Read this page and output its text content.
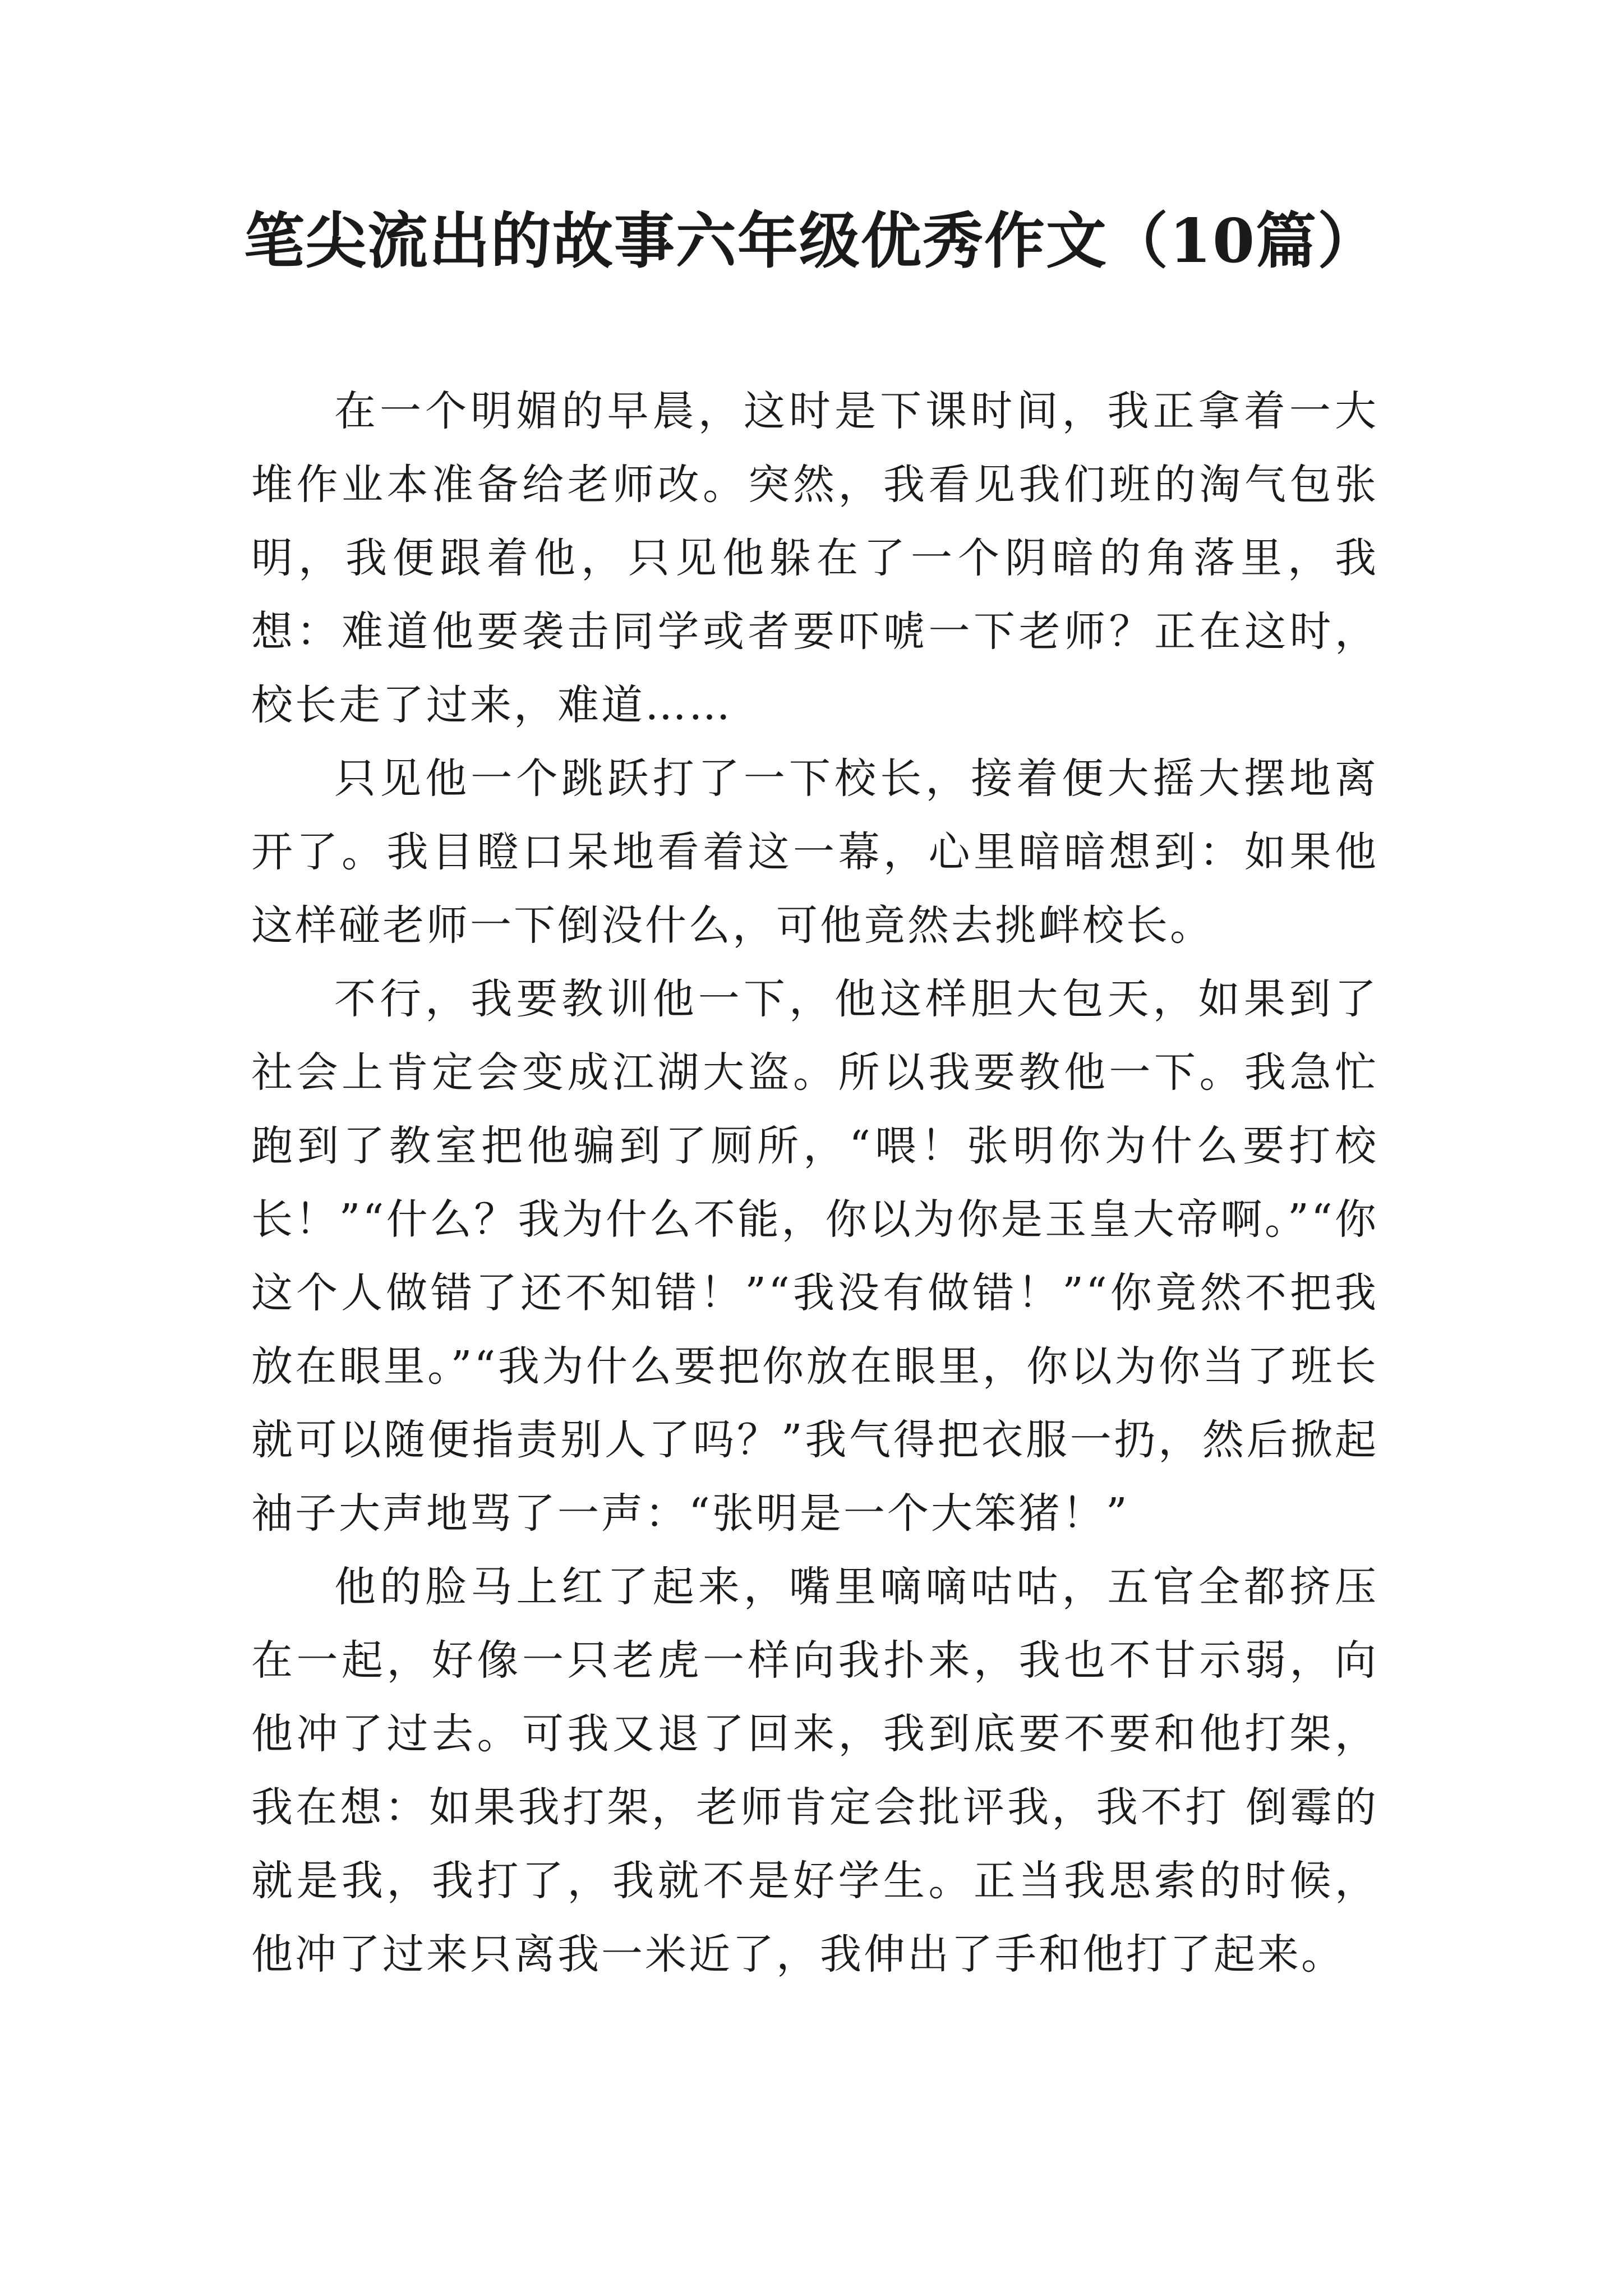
笔尖流出的故事六年级优秀作文（10篇）

在一个明媚的早晨，这时是下课时间，我正拿着一大堆作业本准备给老师改。突然，我看见我们班的淘气包张明，我便跟着他，只见他躲在了一个阴暗的角落里，我想：难道他要袭击同学或者要吓唬一下老师？正在这时，校长走了过来，难道……

只见他一个跳跃打了一下校长，接着便大摇大摆地离开了。我目瞪口呆地看着这一幕，心里暗暗想到：如果他这样碰老师一下倒没什么，可他竟然去挑衅校长。

不行，我要教训他一下，他这样胆大包天，如果到了社会上肯定会变成江湖大盗。所以我要教他一下。我急忙跑到了教室把他骗到了厕所，“喂！张明你为什么要打校长！”“什么？我为什么不能，你以为你是玉皇大帝啊。”“你这个人做错了还不知错！”“我没有做错！”“你竟然不把我放在眼里。”“我为什么要把你放在眼里，你以为你当了班长就可以随便指责别人了吗？”我气得把衣服一扔，然后掀起袖子大声地骂了一声：“张明是一个大笨猪！”

他的脸马上红了起来，嘴里嘀嘀咕咕，五官全都挤压在一起，好像一只老虎一样向我扑来，我也不甘示弱，向他冲了过去。可我又退了回来，我到底要不要和他打架，我在想：如果我打架，老师肯定会批评我，我不打 倒霉的就是我，我打了，我就不是好学生。正当我思索的时候，他冲了过来只离我一米近了，我伸出了手和他打了起来。
